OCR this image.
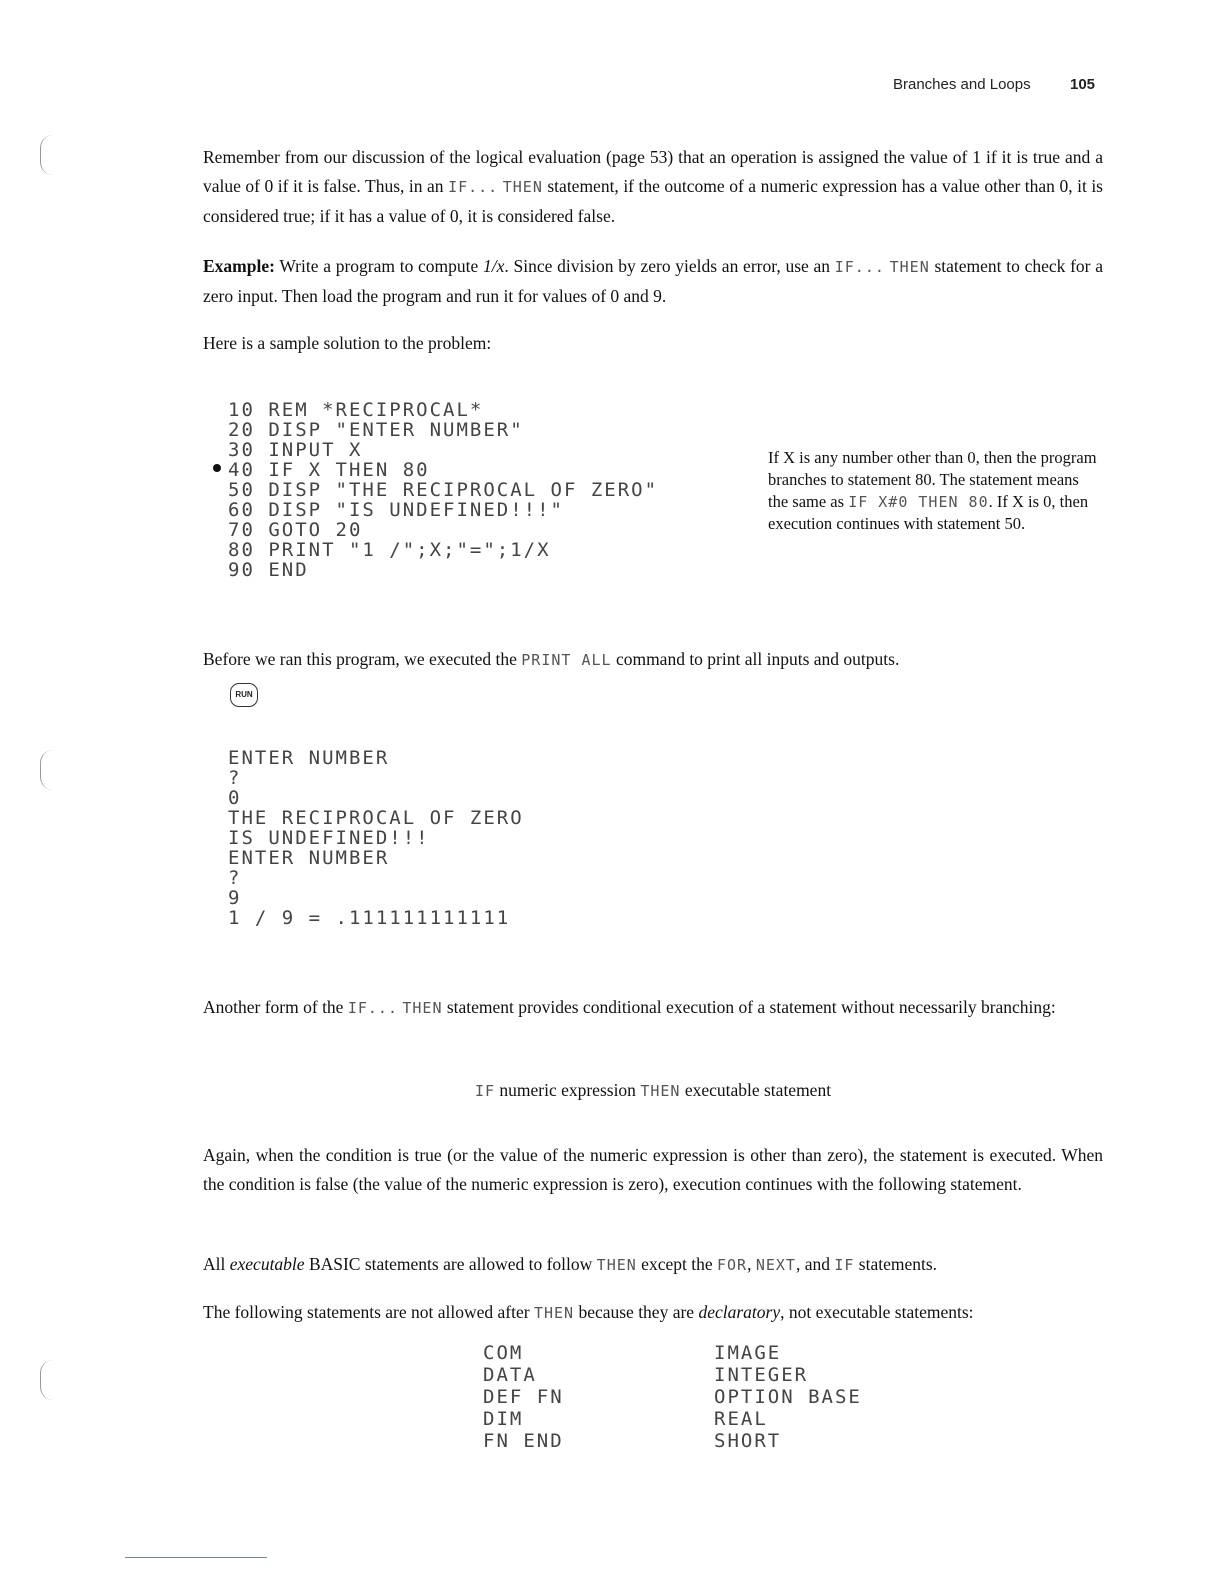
Branches and Loops	105
Remember from our discussion of the logical evaluation (page 53) that an operation is assigned the value of 1 if it is true and a value of 0 if it is false. Thus, in an IF... THEN statement, if the outcome of a numeric expression has a value other than 0, it is considered true; if it has a value of 0, it is considered false.
Example: Write a program to compute 1/x. Since division by zero yields an error, use an IF... THEN statement to check for a zero input. Then load the program and run it for values of 0 and 9.
Here is a sample solution to the problem:
10 REM *RECIPROCAL*
20 DISP "ENTER NUMBER"
30 INPUT X
40 IF X THEN 80
50 DISP "THE RECIPROCAL OF ZERO"
60 DISP "IS UNDEFINED!!!"
70 GOTO 20
80 PRINT "1 /";X;"=";1/X
90 END
If X is any number other than 0, then the program branches to statement 80. The statement means the same as IF X#0 THEN 80. If X is 0, then execution continues with statement 50.
Before we ran this program, we executed the PRINT ALL command to print all inputs and outputs.
RUN
ENTER NUMBER
?
0
THE RECIPROCAL OF ZERO
IS UNDEFINED!!!
ENTER NUMBER
?
9
1 / 9 = .111111111111
Another form of the IF... THEN statement provides conditional execution of a statement without necessarily branching:
IF numeric expression THEN executable statement
Again, when the condition is true (or the value of the numeric expression is other than zero), the statement is executed. When the condition is false (the value of the numeric expression is zero), execution continues with the following statement.
All executable BASIC statements are allowed to follow THEN except the FOR, NEXT, and IF statements.
The following statements are not allowed after THEN because they are declaratory, not executable statements:
COM
DATA
DEF FN
DIM
FN END
IMAGE
INTEGER
OPTION BASE
REAL
SHORT
